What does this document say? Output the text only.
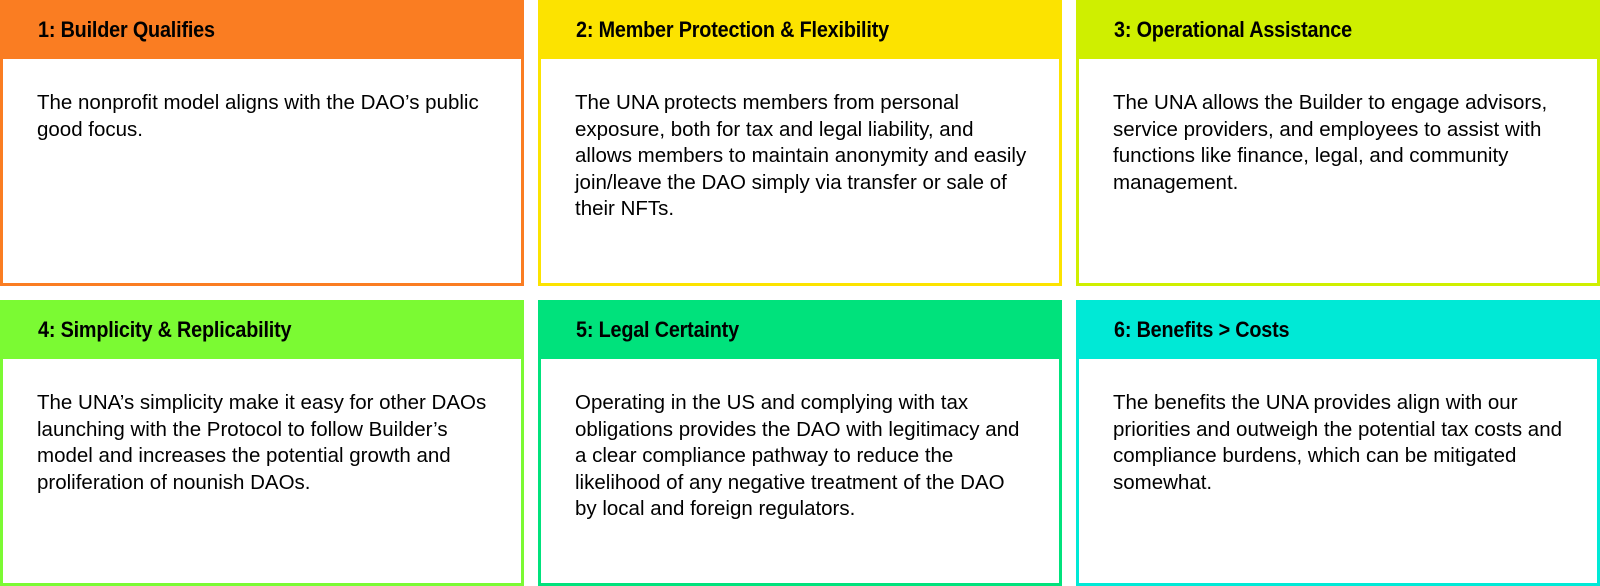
1: Builder Qualifies
The nonprofit model aligns with the DAO’s public good focus.
2: Member Protection & Flexibility
The UNA protects members from personal exposure, both for tax and legal liability, and allows members to maintain anonymity and easily join/leave the DAO simply via transfer or sale of their NFTs.
3: Operational Assistance
The UNA allows the Builder to engage advisors, service providers, and employees to assist with functions like finance, legal, and community management.
4: Simplicity & Replicability
The UNA’s simplicity make it easy for other DAOs launching with the Protocol to follow Builder’s model and increases the potential growth and proliferation of nounish DAOs.
5: Legal Certainty
Operating in the US and complying with tax obligations provides the DAO with legitimacy and a clear compliance pathway to reduce the likelihood of any negative treatment of the DAO by local and foreign regulators.
6: Benefits > Costs
The benefits the UNA provides align with our priorities and outweigh the potential tax costs and compliance burdens, which can be mitigated somewhat.
